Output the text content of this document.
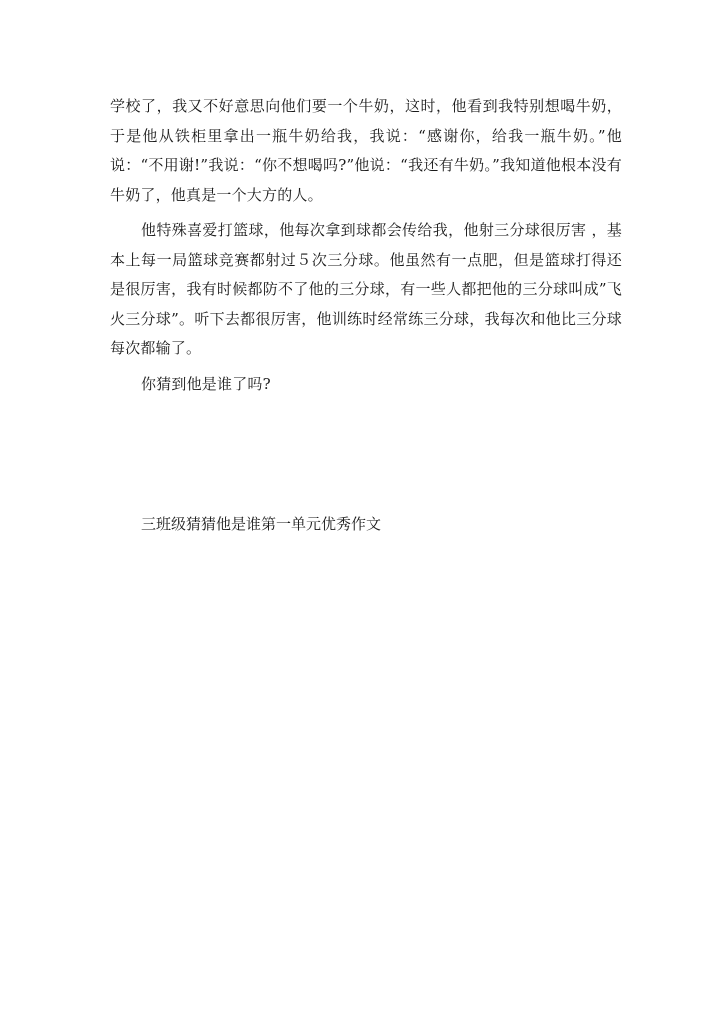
学校了，我又不好意思向他们要一个牛奶，这时，他看到我特别想喝牛奶，于是他从铁柜里拿出一瓶牛奶给我，我说：“感谢你，给我一瓶牛奶。”他说：“不用谢!”我说：“你不想喝吗?”他说：“我还有牛奶。”我知道他根本没有牛奶了，他真是一个大方的人。

他特殊喜爱打篮球，他每次拿到球都会传给我，他射三分球很厉害 ，基本上每一局篮球竞赛都射过５次三分球。他虽然有一点肥，但是篮球打得还是很厉害，我有时候都防不了他的三分球，有一些人都把他的三分球叫成”飞火三分球”。听下去都很厉害，他训练时经常练三分球，我每次和他比三分球每次都输了。

你猜到他是谁了吗?

三班级猜猜他是谁第一单元优秀作文
